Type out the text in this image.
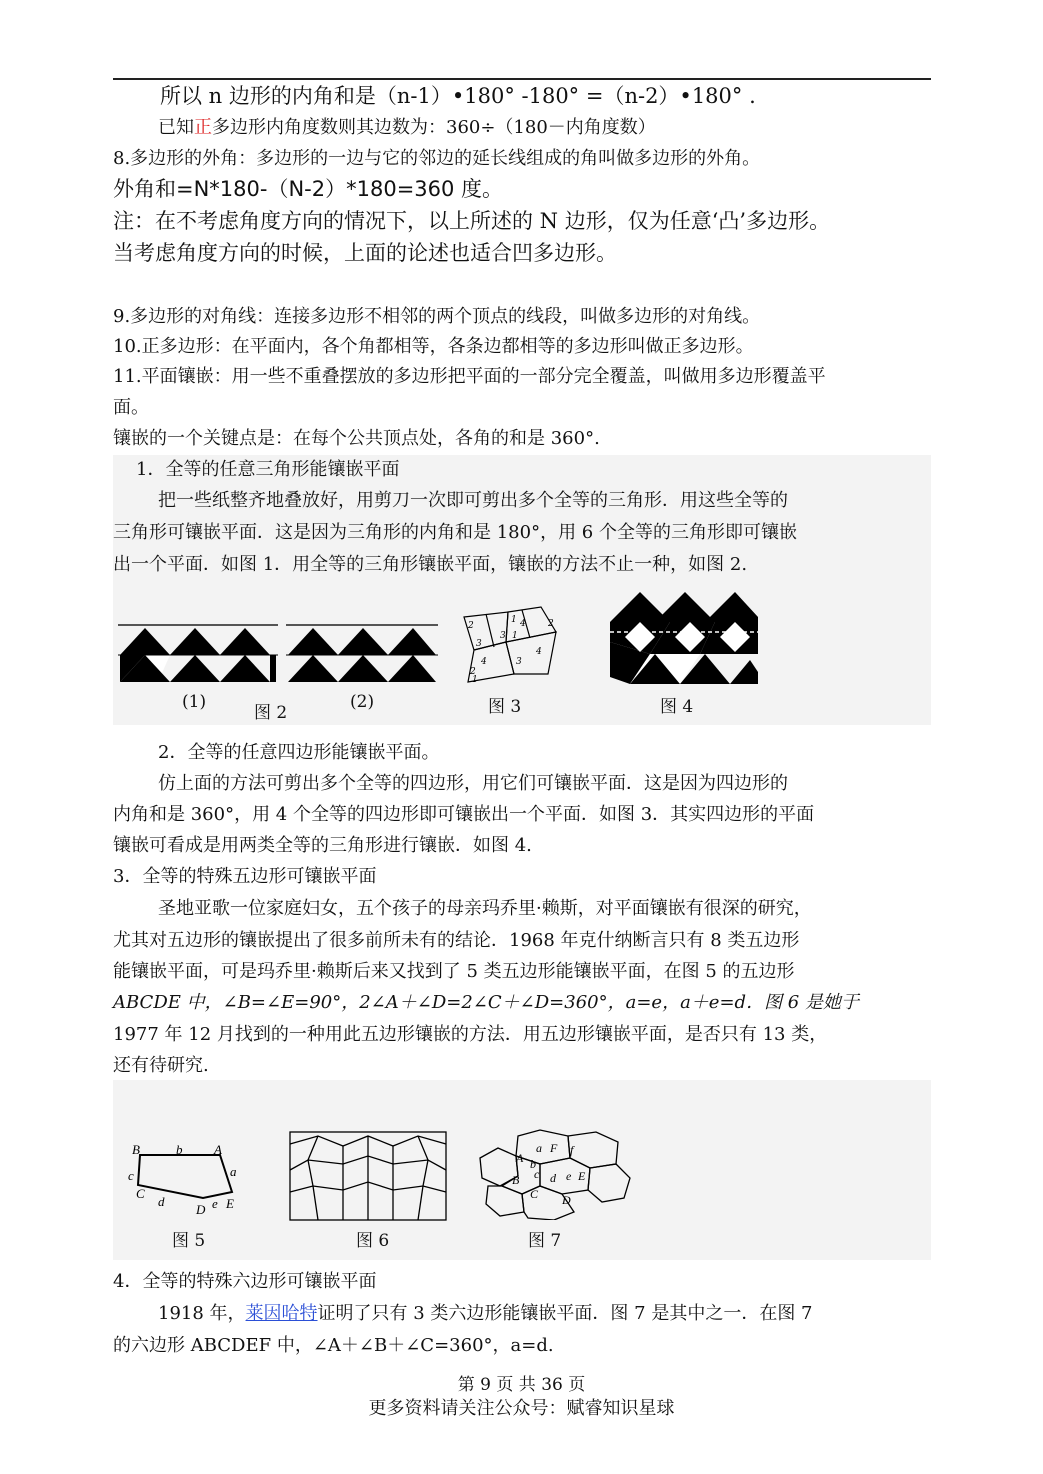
所以 n 边形的内角和是（n-1）•180° -180° =（n-2）•180° .
已知正多边形内角度数则其边数为：360÷（180－内角度数）
8.多边形的外角：多边形的一边与它的邻边的延长线组成的角叫做多边形的外角。
外角和=N*180-（N-2）*180=360 度。
注：在不考虑角度方向的情况下，以上所述的 N 边形，仅为任意‘凸’多边形。
当考虑角度方向的时候，上面的论述也适合凹多边形。
9.多边形的对角线：连接多边形不相邻的两个顶点的线段，叫做多边形的对角线。
10.正多边形：在平面内，各个角都相等，各条边都相等的多边形叫做正多边形。
11.平面镶嵌：用一些不重叠摆放的多边形把平面的一部分完全覆盖，叫做用多边形覆盖平
面。
镶嵌的一个关键点是：在每个公共顶点处，各角的和是 360°.
1．全等的任意三角形能镶嵌平面
把一些纸整齐地叠放好，用剪刀一次即可剪出多个全等的三角形．用这些全等的
三角形可镶嵌平面．这是因为三角形的内角和是 180°，用 6 个全等的三角形即可镶嵌
出一个平面．如图 1．用全等的三角形镶嵌平面，镶嵌的方法不止一种，如图 2.
(1)	(2)
图 2
2
1 4
3
3 1
2
4
2
4
1
3
图 3	图 4
2．全等的任意四边形能镶嵌平面。
仿上面的方法可剪出多个全等的四边形，用它们可镶嵌平面．这是因为四边形的
内角和是 360°，用 4 个全等的四边形即可镶嵌出一个平面．如图 3．其实四边形的平面
镶嵌可看成是用两类全等的三角形进行镶嵌．如图 4.
3．全等的特殊五边形可镶嵌平面
圣地亚歌一位家庭妇女，五个孩子的母亲玛乔里·赖斯，对平面镶嵌有很深的研究，
尤其对五边形的镶嵌提出了很多前所未有的结论．1968 年克什纳断言只有 8 类五边形
能镶嵌平面，可是玛乔里·赖斯后来又找到了 5 类五边形能镶嵌平面，在图 5 的五边形
ABCDE 中，∠B=∠E=90°，2∠A＋∠D=2∠C＋∠D=360°，a=e，a＋e=d．图 6 是她于
1977 年 12 月找到的一种用此五边形镶嵌的方法．用五边形镶嵌平面，是否只有 13 类，
还有待研究.
B	b A
a
c
C
d
D e E
图 5	图 6
a F f
A b
B c d e E
C D
图 7
4．全等的特殊六边形可镶嵌平面
1918 年，莱因哈特证明了只有 3 类六边形能镶嵌平面．图 7 是其中之一．在图 7
的六边形 ABCDEF 中，∠A＋∠B＋∠C=360°，a=d.
第 9 页 共 36 页
更多资料请关注公众号：赋睿知识星球
